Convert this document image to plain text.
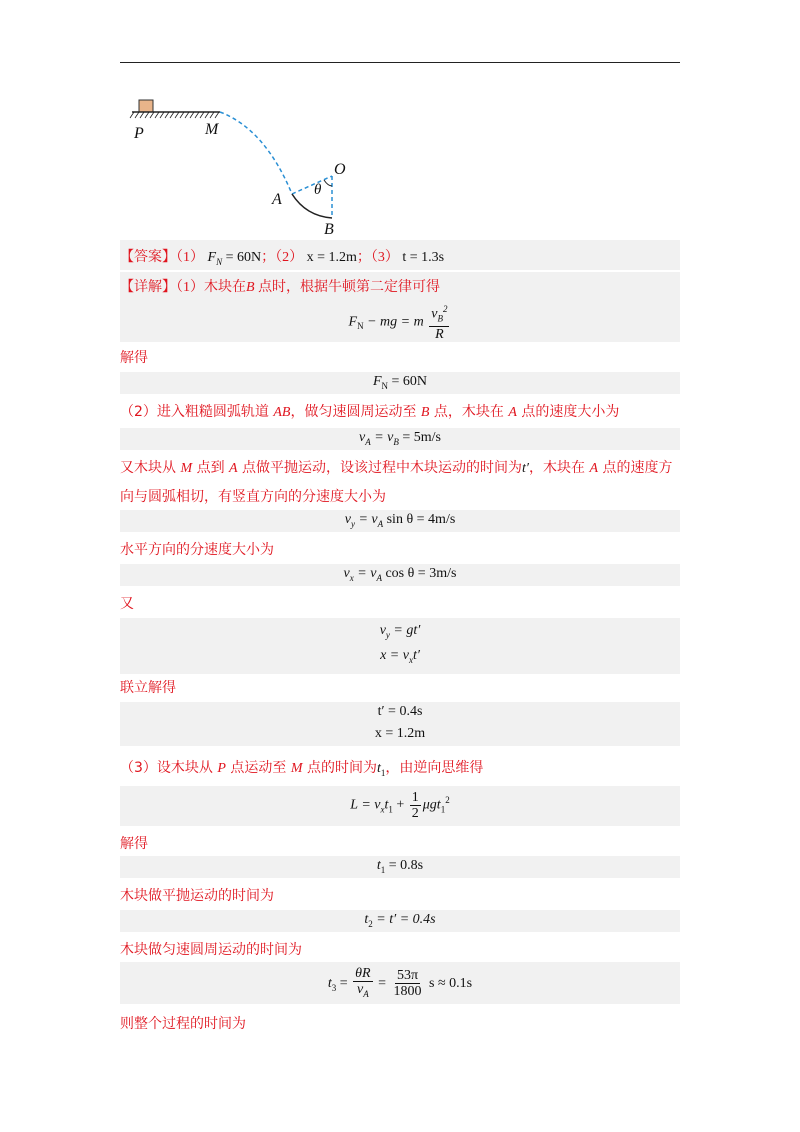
P	M
O
θ
A
B
【答案】（1） $F_N = 60N$；（2） x = 1.2m；（3） t = 1.3s
【详解】（1）木块在B 点时，根据牛顿第二定律可得
$F_N$ − mg = m $\frac{v_B^2}{R}$
解得
$F_N = 60N$
（2）进入粗糙圆弧轨道 AB，做匀速圆周运动至 B 点，木块在 A 点的速度大小为
$v_A = v_B = 5m/s$
又木块从 M 点到 A 点做平抛运动，设该过程中木块运动的时间为t′，木块在 A 点的速度方向与圆弧相切，有竖直方向的分速度大小为
$v_y = v_A$ sin θ = 4m/s
水平方向的分速度大小为
$v_x = v_A$ cos θ = 3m/s
又
$v_y = gt'$
$x = v_xt'$
联立解得
t′ = 0.4s
x = 1.2m
（3）设木块从 P 点运动至 M 点的时间为$t_1$，由逆向思维得
$L = v_xt_1 + \frac{1}{2} \mu gt_1^2$
解得
$t_1 = 0.8s$
木块做平抛运动的时间为
$t_2 = t' = 0.4s$
木块做匀速圆周运动的时间为
$t_3 = \frac{\theta R}{v_A} = \frac{53\pi}{1800}$ s ≈ 0.1s
则整个过程的时间为
